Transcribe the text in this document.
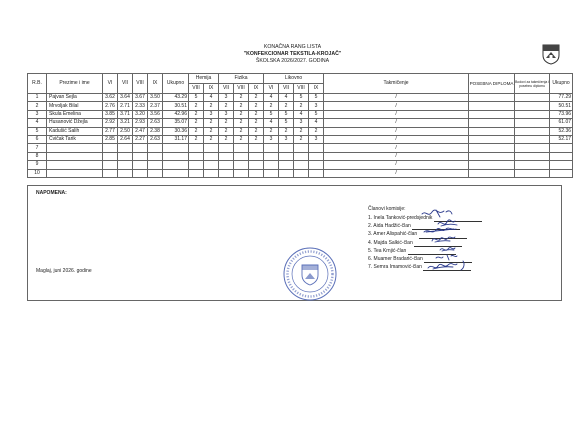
KONAČNA RANG LISTA
"KONFEKCIONAR TEKSTILA-KROJAČ"
ŠKOLSKA 2026/2027. GODINA
R.B.	Prezime i ime	VI	VII	VIII	IX	Ukupno	Hemija		Fizika			Likovno				Takmičenje	POSEBNA DIPLOMA	Bodovi za takmičenja i posebnu diplomu	Ukupno
							VIII	IX	VII	VIII	IX	VI	VII	VIII	IX				
1	Pajvan Šejla	3.62	3.64	3.67	3.50	43.29	5	4	3	2	2	4	4	5	5	/			77.29
2	Mrvoljak Bilal	2.76	2.71	2.33	2.37	30.51	2	2	2	2	2	2	2	2	3	/			50.51
3	Skula Emelina	3.85	3.71	3.20	3.56	42.96	2	3	3	2	2	5	5	4	5	/			73.96
4	Husanović Džejla	2.92	3.21	2.93	2.63	35.07	2	2	2	2	2	4	5	3	4	/			61.07
5	Kadušić Salih	2.77	2.50	2.47	2.38	30.36	2	2	2	2	2	2	2	2	2	/			52.36
6	Cvičak Tarik	2.85	2.64	2.27	2.63	31.17	2	2	2	2	2	3	3	2	3	/			52.17
7																/			
8																/			
9																/			
10																/			
NAPOMENA:
Maglaj, juni 2026. godine
Članovi komisije:
1. Inela Tanković-predsjednik
2. Aida Hadžić-član
3. Amer Alispahić-član
4. Majda Salkić-član
5. Tea Krnjić-član
6. Muamer Bradarić-član
7. Semra Imamović-član
